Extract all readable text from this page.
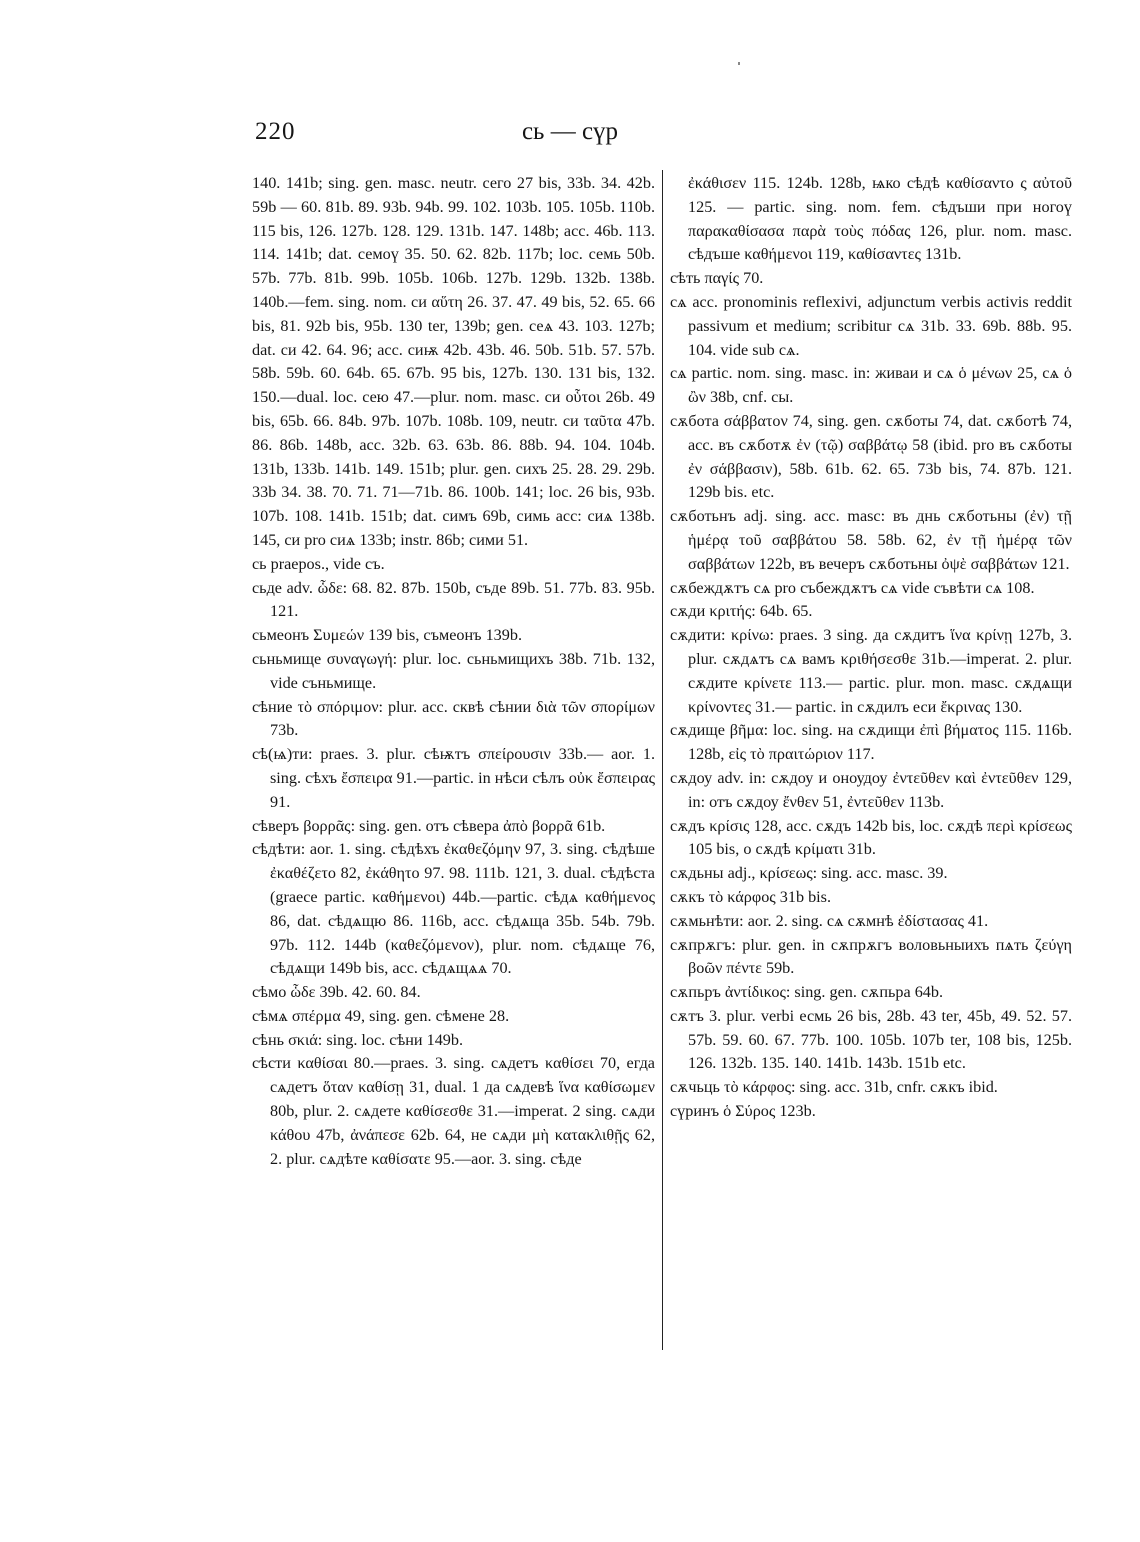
220	сь — сүр

140. 141b; sing. gen. masc. neutr. сего 27 bis, 33b. 34. 42b. 59b — 60. 81b. 89. 93b. 94b. 99. 102. 103b. 105. 105b. 110b. 115 bis, 126. 127b. 128. 129. 131b. 147. 148b; acc. 46b. 113. 114. 141b; dat. семоү 35. 50. 62. 82b. 117b; loc. семь 50b. 57b. 77b. 81b. 99b. 105b. 106b. 127b. 129b. 132b. 138b. 140b.—fem. sing. nom. си αὕτη 26. 37. 47. 49 bis, 52. 65. 66 bis, 81. 92b bis, 95b. 130 ter, 139b; gen. сеѧ 43. 103. 127b; dat. си 42. 64. 96; acc. сиѭ 42b. 43b. 46. 50b. 51b. 57. 57b. 58b. 59b. 60. 64b. 65. 67b. 95 bis, 127b. 130. 131 bis, 132. 150.—dual. loc. сею 47.—plur. nom. masc. си οὗτοι 26b. 49 bis, 65b. 66. 84b. 97b. 107b. 108b. 109, neutr. си ταῦτα 47b. 86. 86b. 148b, acc. 32b. 63. 63b. 86. 88b. 94. 104. 104b. 131b, 133b. 141b. 149. 151b; plur. gen. сихъ 25. 28. 29. 29b. 33b 34. 38. 70. 71. 71—71b. 86. 100b. 141; loc. 26 bis, 93b. 107b. 108. 141b. 151b; dat. симъ 69b, симь acc: сиѧ 138b. 145, си pro сиѧ 133b; instr. 86b; сими 51.

сь praepos., vide съ.

сьде adv. ὧδε: 68. 82. 87b. 150b, съде 89b. 51. 77b. 83. 95b. 121.

сьмеонъ Συμεών 139 bis, съмеонъ 139b.

сьньмище συναγωγή: plur. loc. сьньмищихъ 38b. 71b. 132, vide съньмище.

сѣние τὸ σπόριμον: plur. acc. сквѣ сѣнии διὰ τῶν σπορίμων 73b.

сѣ(ѩ)ти: praes. 3. plur. сѣѭтъ σπείρουσιν 33b.— aor. 1. sing. сѣхъ ἔσπειρα 91.—partic. in нѣси сѣлъ οὐκ ἔσπειρας 91.

сѣверъ βορρᾶς: sing. gen. отъ сѣвера ἀπὸ βορρᾶ 61b.

сѣдѣти: aor. 1. sing. сѣдѣхъ ἐκαθεζόμην 97, 3. sing. сѣдѣше ἐκαθέζετο 82, ἐκάθητο 97. 98. 111b. 121, 3. dual. сѣдѣста (graece partic. καθήμενοι) 44b.—partic. сѣдѧ καθήμενος 86, dat. сѣдѧщю 86. 116b, acc. сѣдѧща 35b. 54b. 79b. 97b. 112. 144b (καθεζόμενον), plur. nom. сѣдѧще 76, сѣдѧщи 149b bis, acc. сѣдѧщѧѧ 70.

сѣмо ὧδε 39b. 42. 60. 84.

сѣмѧ σπέρμα 49, sing. gen. сѣмене 28.

сѣнь σκιά: sing. loc. сѣни 149b.

сѣсти καθίσαι 80.—praes. 3. sing. сѧдетъ καθίσει 70, егда сѧдетъ ὅταν καθίσῃ 31, dual. 1 да сѧдевѣ ἵνα καθίσωμεν 80b, plur. 2. сѧдете καθίσεσθε 31.—imperat. 2 sing. сѧди κάθου 47b, ἀνάπεσε 62b. 64, не сѧди μὴ κατακλιθῇς 62, 2. plur. сѧдѣте καθίσατε 95.—aor. 3. sing. сѣде

ἐκάθισεν 115. 124b. 128b, ѩко сѣдѣ καθίσαντο ς αὐτοῦ 125. — partic. sing. nom. fem. сѣдъши при ногоү παρακαθίσασα παρὰ τοὺς πόδας 126, plur. nom. masc. сѣдъше καθήμενοι 119, καθίσαντες 131b.

сѣть παγίς 70.

сѧ acc. pronominis reflexivi, adjunctum verbis activis reddit passivum et medium; scribitur сѧ 31b. 33. 69b. 88b. 95. 104. vide sub сѧ.

сѧ partic. nom. sing. masc. in: живаи и сѧ ὁ μένων 25, сѧ ὁ ὢν 38b, cnf. сы.

сѫбота σάββατον 74, sing. gen. сѫботы 74, dat. сѫботѣ 74, acc. въ сѫботѫ ἐν (τῷ) σαββάτῳ 58 (ibid. pro въ сѫботы ἐν σάββασιν), 58b. 61b. 62. 65. 73b bis, 74. 87b. 121. 129b bis. etc.

сѫботьнъ adj. sing. acc. masc: въ днь сѫботьны (ἐν) τῇ ἡμέρᾳ τοῦ σαββάτου 58. 58b. 62, ἐν τῇ ἡμέρᾳ τῶν σαββάτων 122b, въ вечеръ сѫботьны ὀψὲ σαββάτων 121.

сѫбеждѫтъ сѧ pro събеждѫтъ сѧ vide съвѣти сѧ 108.

сѫди κριτής: 64b. 65.

сѫдити: κρίνω: praes. 3 sing. да сѫдитъ ἵνα κρίνῃ 127b, 3. plur. сѫдѧтъ сѧ вамъ κριθήσεσθε 31b.—imperat. 2. plur. сѫдите κρίνετε 113.— partic. plur. mon. masc. сѫдѧщи κρίνοντες 31.— partic. in сѫдилъ еси ἔκρινας 130.

сѫдище βῆμα: loc. sing. на сѫдищи ἐπὶ βήματος 115. 116b. 128b, εἰς τὸ πραιτώριον 117.

сѫдоу adv. in: сѫдоу и оноудоу ἐντεῦθεν καὶ ἐντεῦθεν 129, in: отъ сѫдоу ἔνθεν 51, ἐντεῦθεν 113b.

сѫдъ κρίσις 128, acc. сѫдъ 142b bis, loc. сѫдѣ περὶ κρίσεως 105 bis, о сѫдѣ κρίματι 31b.

сѫдьны adj., κρίσεως: sing. acc. masc. 39.

сѫкъ τὸ κάρφος 31b bis.

сѫмьнѣти: aor. 2. sing. сѧ сѫмнѣ ἐδίστασας 41.

сѫпрѫгъ: plur. gen. in сѫпрѫгъ воловьныихъ пѧть ζεύγη βοῶν πέντε 59b.

сѫпьръ ἀντίδικος: sing. gen. сѫпьра 64b.

сѫтъ 3. plur. verbi есмь 26 bis, 28b. 43 ter, 45b, 49. 52. 57. 57b. 59. 60. 67. 77b. 100. 105b. 107b ter, 108 bis, 125b. 126. 132b. 135. 140. 141b. 143b. 151b etc.

сѫчьць τὸ κάρφος: sing. acc. 31b, cnfr. сѫкъ ibid.

сүринъ ὁ Σύρος 123b.
